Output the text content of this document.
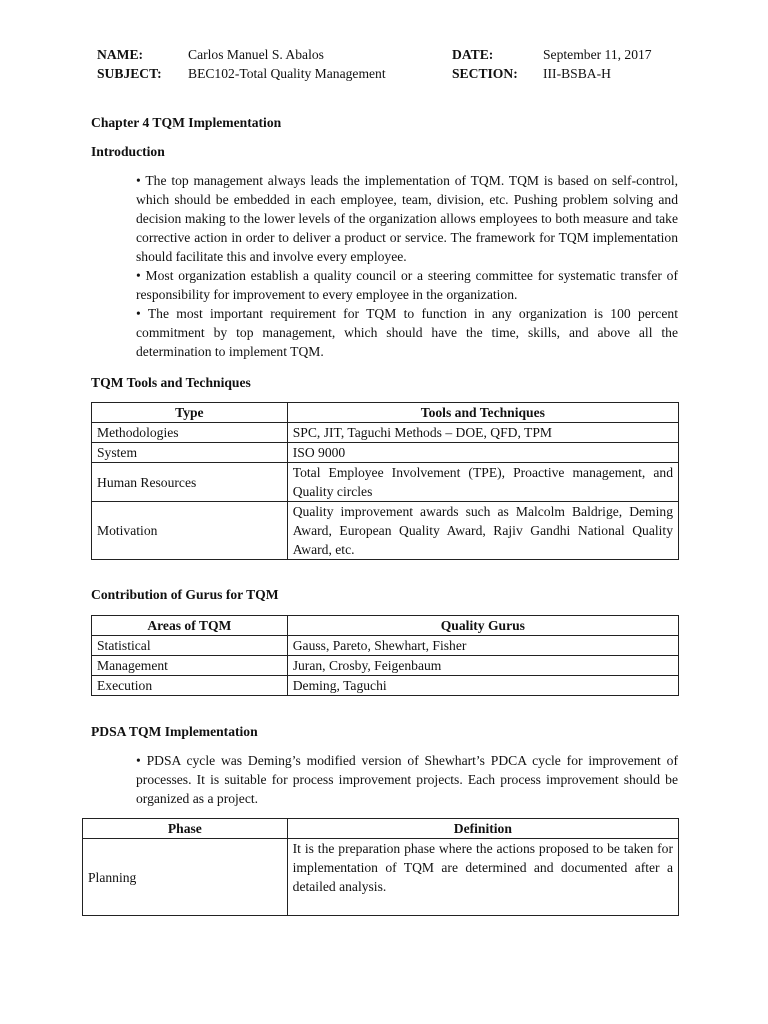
NAME:	Carlos Manuel S. Abalos	DATE:	September 11, 2017
SUBJECT: BEC102-Total Quality Management	SECTION: III-BSBA-H
Chapter 4 TQM Implementation
Introduction
• The top management always leads the implementation of TQM. TQM is based on self-control, which should be embedded in each employee, team, division, etc. Pushing problem solving and decision making to the lower levels of the organization allows employees to both measure and take corrective action in order to deliver a product or service. The framework for TQM implementation should facilitate this and involve every employee.
• Most organization establish a quality council or a steering committee for systematic transfer of responsibility for improvement to every employee in the organization.
• The most important requirement for TQM to function in any organization is 100 percent commitment by top management, which should have the time, skills, and above all the determination to implement TQM.
TQM Tools and Techniques
Type	Tools and Techniques
Methodologies	SPC, JIT, Taguchi Methods – DOE, QFD, TPM
System	ISO 9000
Human Resources	Total Employee Involvement (TPE), Proactive management, and Quality circles
Motivation	Quality improvement awards such as Malcolm Baldrige, Deming Award, European Quality Award, Rajiv Gandhi National Quality Award, etc.
Contribution of Gurus for TQM
Areas of TQM	Quality Gurus
Statistical	Gauss, Pareto, Shewhart, Fisher
Management	Juran, Crosby, Feigenbaum
Execution	Deming, Taguchi
PDSA TQM Implementation
• PDSA cycle was Deming’s modified version of Shewhart’s PDCA cycle for improvement of processes. It is suitable for process improvement projects. Each process improvement should be organized as a project.
Phase	Definition
Planning	It is the preparation phase where the actions proposed to be taken for implementation of TQM are determined and documented after a detailed analysis.
